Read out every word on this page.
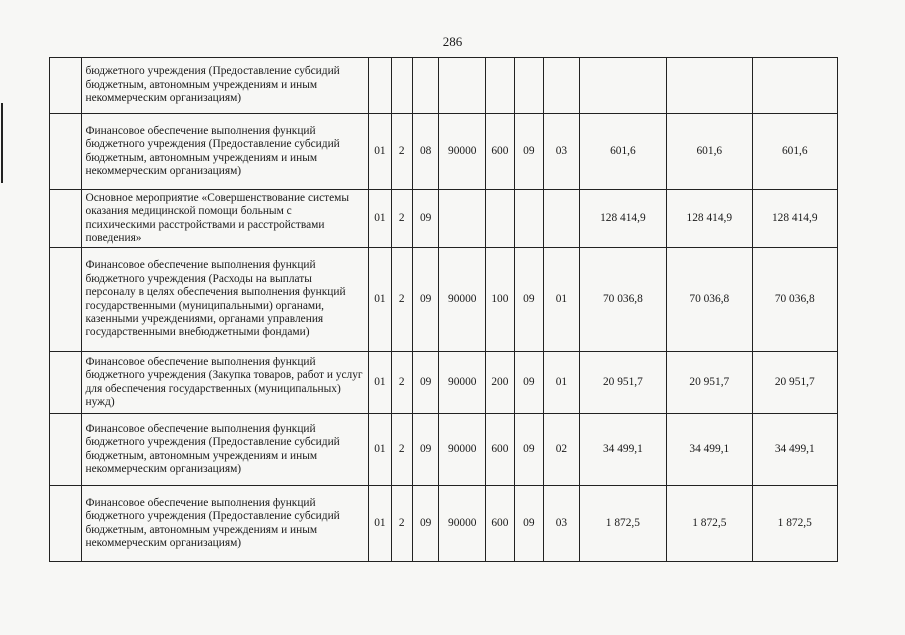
286
	бюджетного учреждения (Предоставление субсидий бюджетным, автономным учреждениям и иным некоммерческим организациям)										
	Финансовое обеспечение выполнения функций бюджетного учреждения (Предоставление субсидий бюджетным, автономным учреждениям и иным некоммерческим организациям)	01	2	08	90000	600	09	03	601,6	601,6	601,6
	Основное мероприятие «Совершенствование системы оказания медицинской помощи больным с психическими расстройствами и расстройствами поведения»	01	2	09					128 414,9	128 414,9	128 414,9
	Финансовое обеспечение выполнения функций бюджетного учреждения (Расходы на выплаты персоналу в целях обеспечения выполнения функций государственными (муниципальными) органами, казенными учреждениями, органами управления государственными внебюджетными фондами)	01	2	09	90000	100	09	01	70 036,8	70 036,8	70 036,8
	Финансовое обеспечение выполнения функций бюджетного учреждения (Закупка товаров, работ и услуг для обеспечения государственных (муниципальных) нужд)	01	2	09	90000	200	09	01	20 951,7	20 951,7	20 951,7
	Финансовое обеспечение выполнения функций бюджетного учреждения (Предоставление субсидий бюджетным, автономным учреждениям и иным некоммерческим организациям)	01	2	09	90000	600	09	02	34 499,1	34 499,1	34 499,1
	Финансовое обеспечение выполнения функций бюджетного учреждения (Предоставление субсидий бюджетным, автономным учреждениям и иным некоммерческим организациям)	01	2	09	90000	600	09	03	1 872,5	1 872,5	1 872,5
